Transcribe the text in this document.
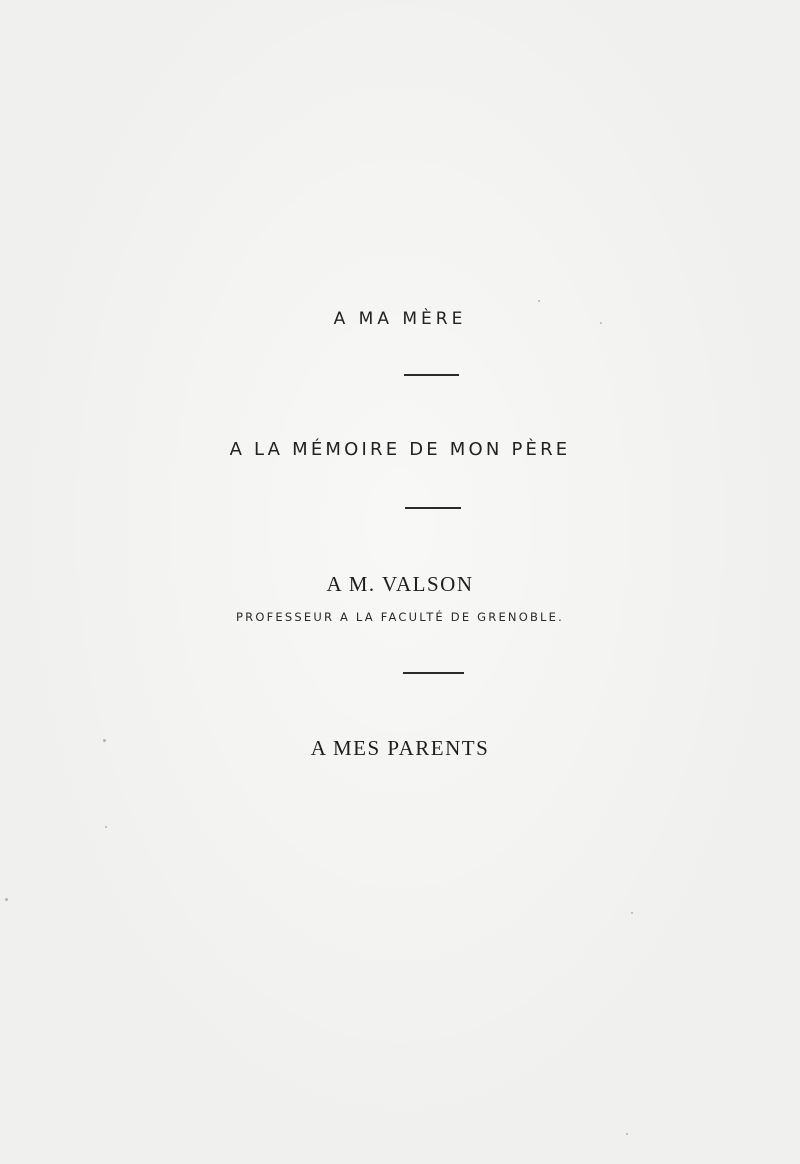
A MA MÈRE
A LA MÉMOIRE DE MON PÈRE
A M. VALSON
PROFESSEUR A LA FACULTÉ DE GRENOBLE.
A MES PARENTS
